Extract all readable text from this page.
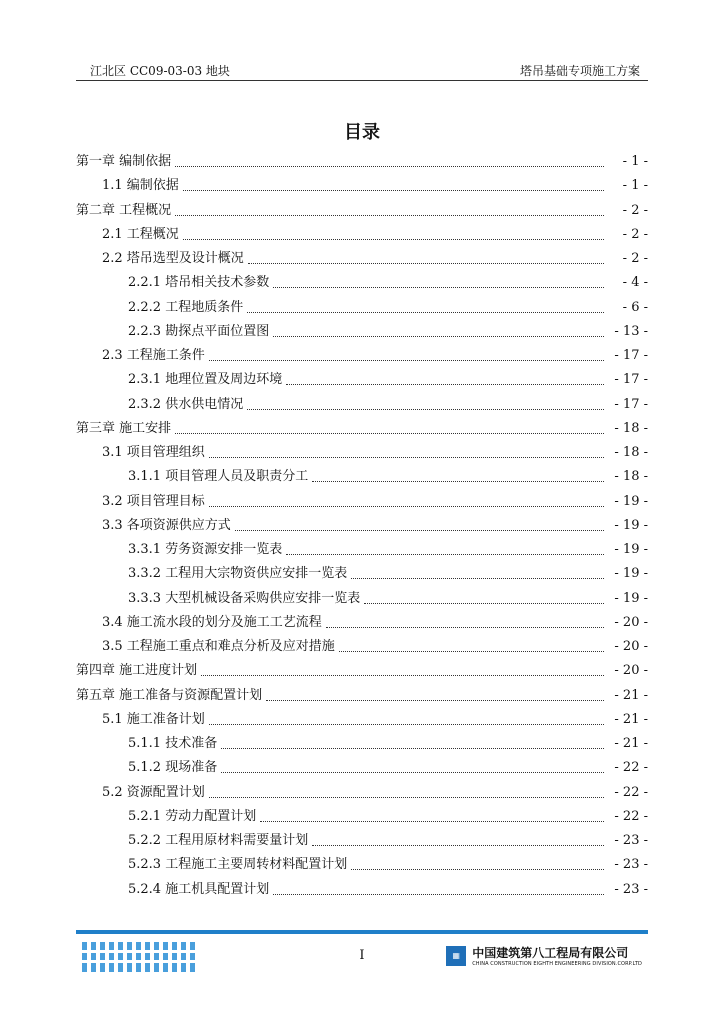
江北区 CC09-03-03 地块	塔吊基础专项施工方案
目录
第一章 编制依据	- 1 -
1.1 编制依据	- 1 -
第二章 工程概况	- 2 -
2.1 工程概况	- 2 -
2.2 塔吊选型及设计概况	- 2 -
2.2.1 塔吊相关技术参数	- 4 -
2.2.2 工程地质条件	- 6 -
2.2.3 勘探点平面位置图	- 13 -
2.3 工程施工条件	- 17 -
2.3.1 地理位置及周边环境	- 17 -
2.3.2 供水供电情况	- 17 -
第三章 施工安排	- 18 -
3.1 项目管理组织	- 18 -
3.1.1 项目管理人员及职责分工	- 18 -
3.2 项目管理目标	- 19 -
3.3 各项资源供应方式	- 19 -
3.3.1 劳务资源安排一览表	- 19 -
3.3.2 工程用大宗物资供应安排一览表	- 19 -
3.3.3 大型机械设备采购供应安排一览表	- 19 -
3.4 施工流水段的划分及施工工艺流程	- 20 -
3.5 工程施工重点和难点分析及应对措施	- 20 -
第四章 施工进度计划	- 20 -
第五章 施工准备与资源配置计划	- 21 -
5.1 施工准备计划	- 21 -
5.1.1 技术准备	- 21 -
5.1.2 现场准备	- 22 -
5.2 资源配置计划	- 22 -
5.2.1 劳动力配置计划	- 22 -
5.2.2 工程用原材料需要量计划	- 23 -
5.2.3 工程施工主要周转材料配置计划	- 23 -
5.2.4 施工机具配置计划	- 23 -
I	▦	中国建筑第八工程局有限公司
CHINA CONSTRUCTION EIGHTH ENGINEERING DIVISION.CORP.LTD
